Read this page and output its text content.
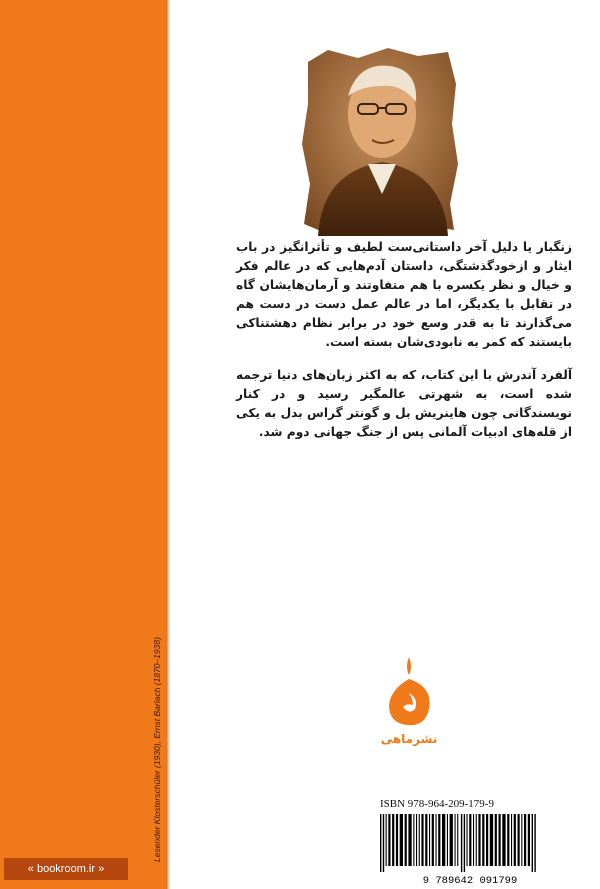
Lesender Klosterschüler (1930), Ernst Barlach (1870–1938)
« bookroom.ir »

زنگبار یا دلیل آخر داستانی‌ست لطیف و تأثرانگیز در باب ایثار و ازخودگذشتگی، داستان آدم‌هایی که در عالم فکر و خیال و نظر یکسره با هم متفاوتند و آرمان‌هایشان گاه در تقابل با یکدیگر، اما در عالم عمل دست در دست هم می‌گذارند تا به قدر وسع خود در برابر نظام دهشتناکی بایستند که کمر به نابودی‌شان بسته است.

آلفرد آندرش با این کتاب، که به اکثر زبان‌های دنیا ترجمه شده است، به شهرتی عالمگیر رسید و در کنار نویسندگانی چون هاینریش بل و گونتر گراس بدل به یکی از قله‌های ادبیات آلمانی پس از جنگ جهانی دوم شد.

نشرماهی
ISBN 978-964-209-179-9
9 789642 091799
